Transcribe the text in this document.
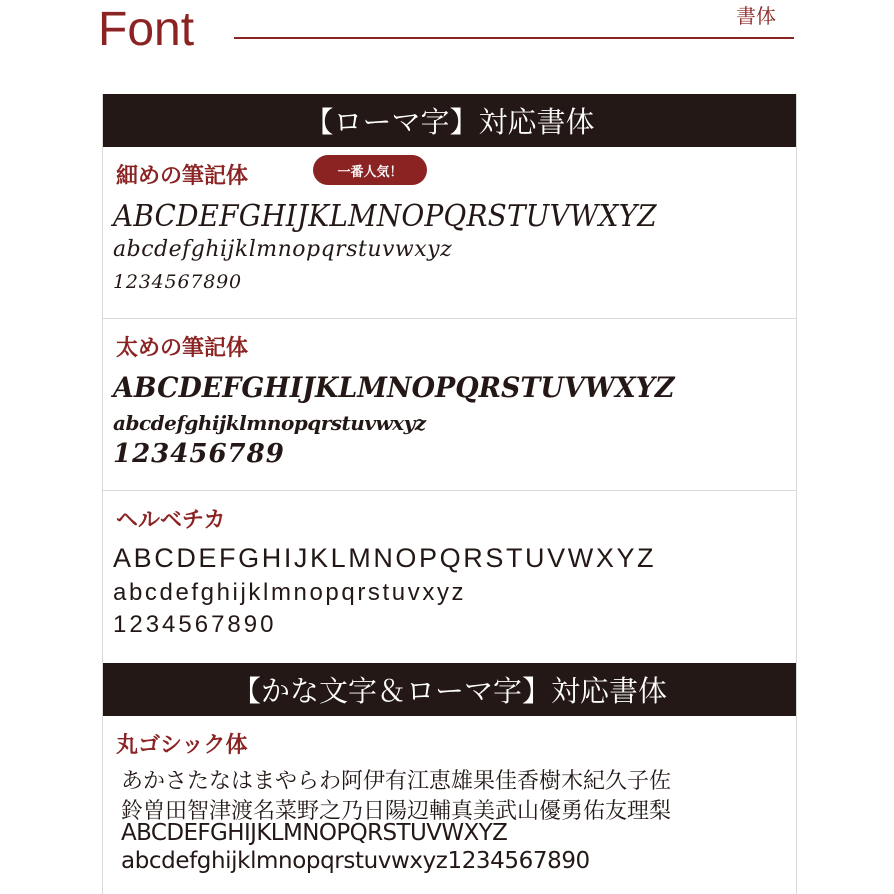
Font	書体
【ローマ字】対応書体
細めの筆記体	一番人気！
ABCDEFGHIJKLMNOPQRSTUVWXYZ
abcdefghijklmnopqrstuvwxyz
1234567890
太めの筆記体
ABCDEFGHIJKLMNOPQRSTUVWXYZ
abcdefghijklmnopqrstuvwxyz
123456789
ヘルベチカ
ABCDEFGHIJKLMNOPQRSTUVWXYZ
abcdefghijklmnopqrstuvxyz
1234567890
【かな文字＆ローマ字】対応書体
丸ゴシック体
あかさたなはまやらわ阿伊有江恵雄果佳香樹木紀久子佐
鈴曽田智津渡名菜野之乃日陽辺輔真美武山優勇佑友理梨
ABCDEFGHIJKLMNOPQRSTUVWXYZ
abcdefghijklmnopqrstuvwxyz1234567890
